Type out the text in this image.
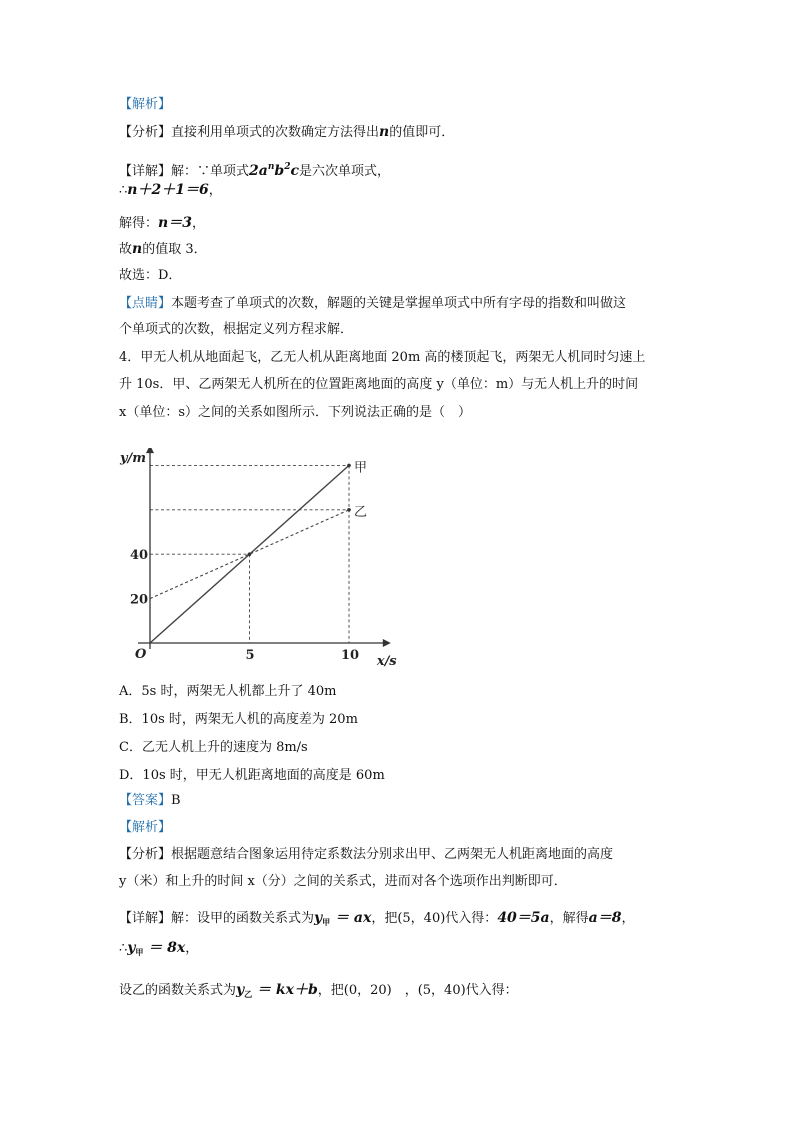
【解析】
【分析】直接利用单项式的次数确定方法得出n的值即可．
【详解】解：∵单项式$2a^nb^2c$是六次单项式，
∴n＋2＋1＝6，
解得：n＝3，
故n的值取 3．
故选：D．
【点睛】本题考查了单项式的次数，解题的关键是掌握单项式中所有字母的指数和叫做这
个单项式的次数，根据定义列方程求解．
4．甲无人机从地面起飞，乙无人机从距离地面 20m 高的楼顶起飞，两架无人机同时匀速上
升 10s．甲、乙两架无人机所在的位置距离地面的高度 y（单位：m）与无人机上升的时间
x（单位：s）之间的关系如图所示．下列说法正确的是（　）
y/m
x/s
O	5	10
20
40
甲
乙
A．5s 时，两架无人机都上升了 40m
B．10s 时，两架无人机的高度差为 20m
C．乙无人机上升的速度为 8m/s
D．10s 时，甲无人机距离地面的高度是 60m
【答案】B
【解析】
【分析】根据题意结合图象运用待定系数法分别求出甲、乙两架无人机距离地面的高度
y（米）和上升的时间 x（分）之间的关系式，进而对各个选项作出判断即可．
【详解】解：设甲的函数关系式为$y_甲$ ＝ ax，把(5，40)代入得：40＝5a，解得a＝8，
$\therefore y_甲 = 8x$，
设乙的函数关系式为$y_乙 = kx+b$，把(0，20)　，(5，40)代入得：
